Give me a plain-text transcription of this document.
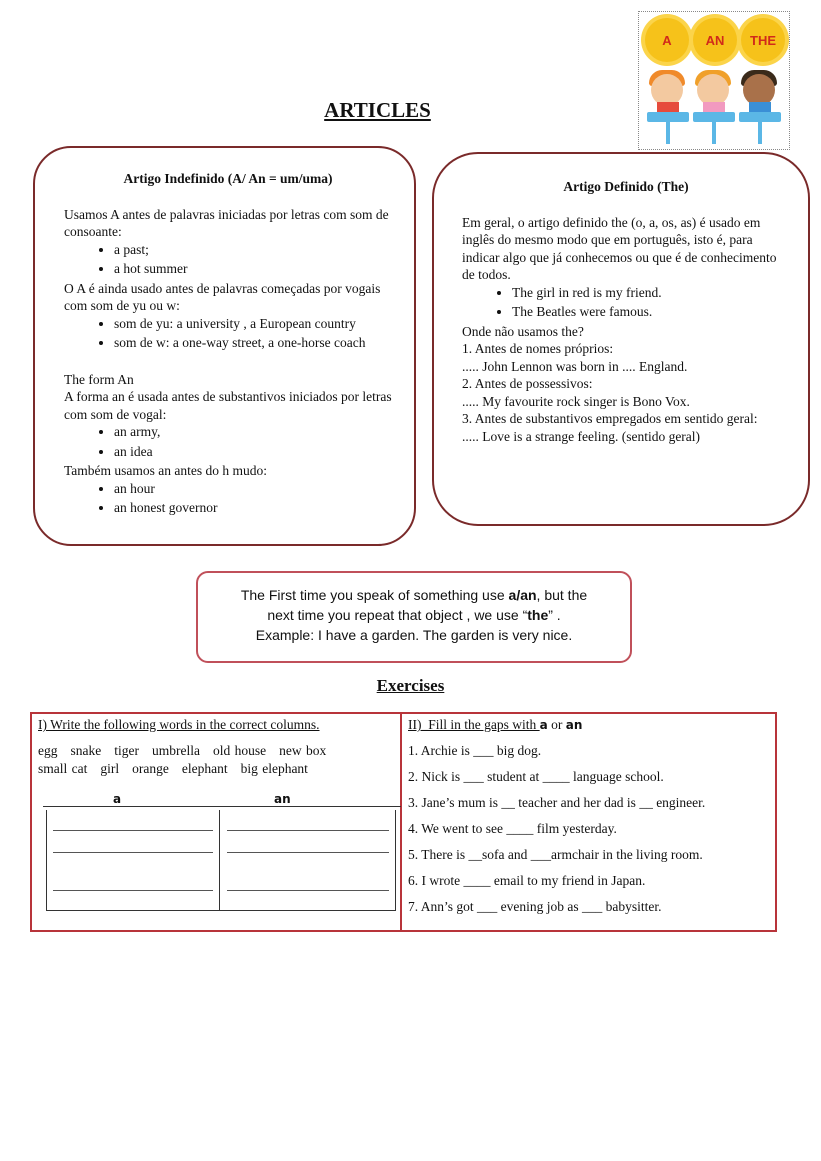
ARTICLES
A	AN THE
Artigo Indefinido (A/ An = um/uma)

Usamos A antes de palavras iniciadas por letras com som de consoante:

• a past;
• a hot summer

O A é ainda usado antes de palavras começadas por vogais com som de yu ou w:

• som de yu: a university , a European country
• som de w: a one-way street, a one-horse coach

The form An

A forma an é usada antes de substantivos iniciados por letras com som de vogal:

• an army,
• an idea

Também usamos an antes do h mudo:

• an hour
• an honest governor
Artigo Definido (The)

Em geral, o artigo definido the (o, a, os, as) é usado em inglês do mesmo modo que em português, isto é, para indicar algo que já conhecemos ou que é de conhecimento de todos.

• The girl in red is my friend.
• The Beatles were famous.

Onde não usamos the?

1. Antes de nomes próprios:

..... John Lennon was born in .... England.

2. Antes de possessivos:

..... My favourite rock singer is Bono Vox.

3. Antes de substantivos empregados em sentido geral:

..... Love is a strange feeling. (sentido geral)

The First time you speak of something use a/an, but the
next time you repeat that object , we use “the” .
Example: I have a garden. The garden is very nice.
Exercises
I) Write the following words in the correct columns.
egg snake tiger umbrella old house new box
small cat girl orange elephant big elephant
a	an
II)_Fill in the gaps with a or an
1. Archie is ___ big dog.
2. Nick is ___ student at ____ language school.
3. Jane’s mum is __ teacher and her dad is __ engineer.
4. We went to see ____ film yesterday.
5. There is __sofa and ___armchair in the living room.
6. I wrote ____ email to my friend in Japan.
7. Ann’s got ___ evening job as ___ babysitter.
